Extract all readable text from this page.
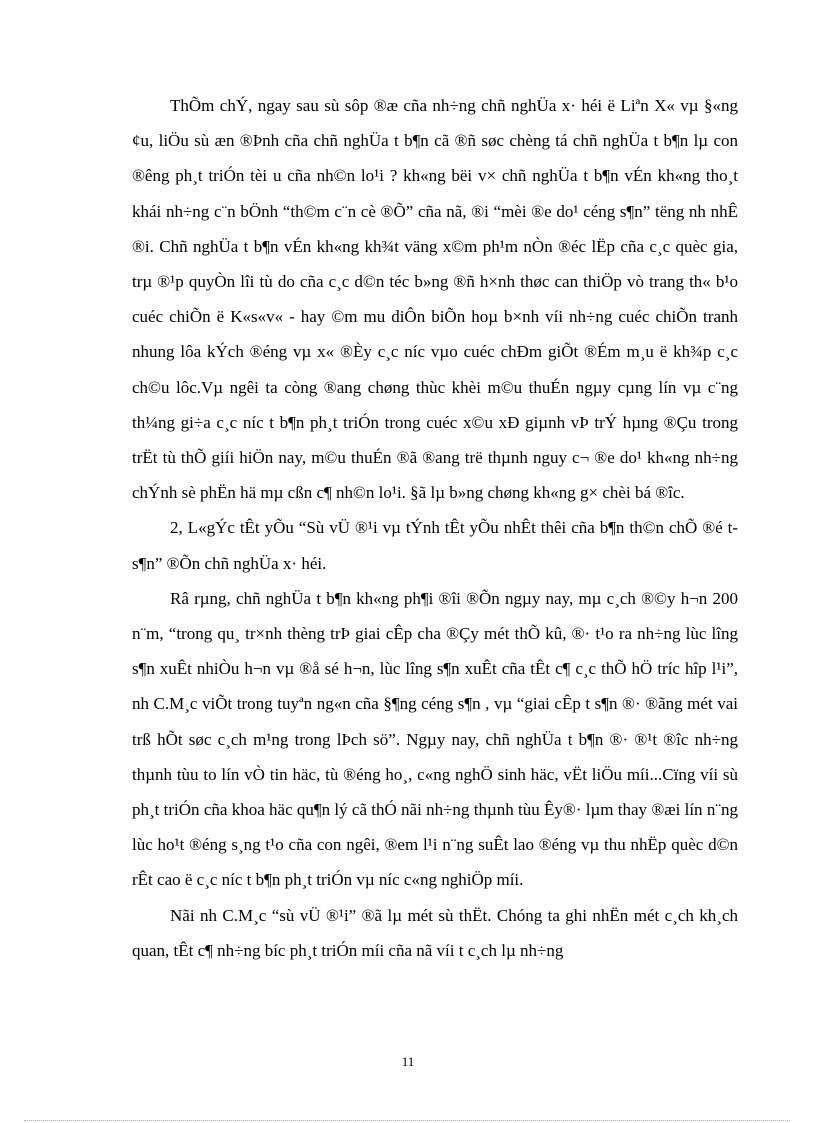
ThÕm chÝ, ngay sau sù sôp ®æ cña nh÷ng chñ nghÜa x· héi ë Liªn X« vµ §«ng ¢u, liÖu sù æn ®Þnh cña chñ nghÜa t b¶n cã ®ñ søc chèng tá chñ nghÜa t b¶n lµ con ®êng ph¸t triÓn tèi u cña nh©n lo¹i ? kh«ng bëi v× chñ nghÜa t b¶n vÉn kh«ng tho¸t khái nh÷ng c¨n bÖnh “th©m c¨n cè ®Õ” cña nã, ®i “mèi ®e do¹ céng s¶n” tëng nh nhÊ ®i. Chñ nghÜa t b¶n vÉn kh«ng kh¾t väng x©m ph¹m nÒn ®éc lËp cña c¸c quèc gia, trµ ®¹p quyÒn lîi tù do cña c¸c d©n téc b»ng ®ñ h×nh thøc can thiÖp vò trang th« b¹o cuéc chiÕn ë K«s«v« - hay ©m mu diÔn biÕn hoµ b×nh víi nh÷ng cuéc chiÕn tranh nhung lôa kÝch ®éng vµ x« ®Èy c¸c níc vµo cuéc chÐm giÕt ®Ém m¸u ë kh¾p c¸c ch©u lôc.Vµ ngêi ta còng ®ang chøng thùc khèi m©u thuÉn ngµy cµng lín vµ c¨ng th¼ng gi÷a c¸c níc t b¶n ph¸t triÓn trong cuéc x©u xÐ giµnh vÞ trÝ hµng ®Çu trong trËt tù thÕ giíi hiÖn nay, m©u thuÉn ®ã ®ang trë thµnh nguy c¬ ®e do¹ kh«ng nh÷ng chÝnh sè phËn hä mµ cßn c¶ nh©n lo¹i. §ã lµ b»ng chøng kh«ng g× chèi bá ®îc.

2, L«gÝc tÊt yÕu “Sù vÜ ®¹i vµ tÝnh tÊt yÕu nhÊt thêi cña b¶n th©n chÕ ®é t s¶n” ®Õn chñ nghÜa x· héi.

Râ rµng, chñ nghÜa t b¶n kh«ng ph¶i ®îi ®Õn ngµy nay, mµ c¸ch ®©y h¬n 200 n¨m, “trong qu¸ tr×nh thèng trÞ giai cÊp cha ®Çy mét thÕ kû, ®· t¹o ra nh÷ng lùc lîng s¶n xuÊt nhiÒu h¬n vµ ®å sé h¬n, lùc lîng s¶n xuÊt cña tÊt c¶ c¸c thÕ hÖ tríc hîp l¹i”, nh C.M¸c viÕt trong tuyªn ng«n cña §¶ng céng s¶n , vµ “giai cÊp t s¶n ®· ®ãng mét vai trß hÕt søc c¸ch m¹ng trong lÞch sö”. Ngµy nay, chñ nghÜa t b¶n ®· ®¹t ®îc nh÷ng thµnh tùu to lín vÒ tin häc, tù ®éng ho¸, c«ng nghÖ sinh häc, vËt liÖu míi...Cïng víi sù ph¸t triÓn cña khoa häc qu¶n lý cã thÓ nãi nh÷ng thµnh tùu Êy®· lµm thay ®æi lín n¨ng lùc ho¹t ®éng s¸ng t¹o cña con ngêi, ®em l¹i n¨ng suÊt lao ®éng vµ thu nhËp quèc d©n rÊt cao ë c¸c níc t b¶n ph¸t triÓn vµ níc c«ng nghiÖp míi.

Nãi nh C.M¸c “sù vÜ ®¹i” ®ã lµ mét sù thËt. Chóng ta ghi nhËn mét c¸ch kh¸ch quan, tÊt c¶ nh÷ng bíc ph¸t triÓn míi cña nã víi t c¸ch lµ nh÷ng

11
